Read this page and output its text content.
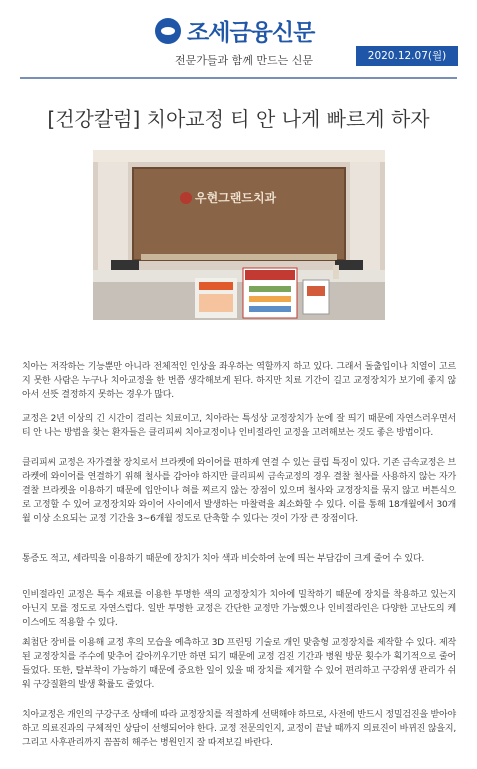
조세금융신문
전문가들과 함께 만드는 신문	2020.12.07(월)
[건강칼럼] 치아교정 티 안 나게 빠르게 하자
우현그랜드치과
치아는 저작하는 기능뿐만 아니라 전체적인 인상을 좌우하는 역할까지 하고 있다. 그래서 돌출입이나 치열이 고르지 못한 사람은 누구나 치아교정을 한 번쯤 생각해보게 된다. 하지만 치료 기간이 길고 교정장치가 보기에 좋지 않아서 선뜻 결정하지 못하는 경우가 많다.
교정은 2년 이상의 긴 시간이 걸리는 치료이고, 치아라는 특성상 교정장치가 눈에 잘 띄기 때문에 자연스러우면서 티 안 나는 방법을 찾는 환자들은 클리피씨 치아교정이나 인비절라인 교정을 고려해보는 것도 좋은 방법이다.
클리피씨 교정은 자가결찰 장치로서 브라켓에 와이어를 편하게 연결 수 있는 클립 특징이 있다. 기존 금속교정은 브라켓에 와이어를 연결하기 위해 철사를 감아야 하지만 클리피씨 금속교정의 경우 결찰 철사를 사용하지 않는 자가결찰 브라켓을 이용하기 때문에 입안이나 혀를 찌르지 않는 장점이 있으며 철사와 교정장치를 묶지 않고 버튼식으로 고정할 수 있어 교정장치와 와이어 사이에서 발생하는 마찰력을 최소화할 수 있다. 이를 통해 18개월에서 30개월 이상 소요되는 교정 기간을 3~6개월 정도로 단축할 수 있다는 것이 가장 큰 장점이다.
통증도 적고, 세라믹을 이용하기 때문에 장치가 치아 색과 비슷하여 눈에 띄는 부담감이 크게 줄어 수 있다.
인비절라인 교정은 특수 재료를 이용한 투명한 색의 교정장치가 치아에 밀착하기 때문에 장치를 착용하고 있는지 아닌지 모를 정도로 자연스럽다. 일반 투명한 교정은 간단한 교정만 가능했으나 인비절라인은 다양한 고난도의 케이스에도 적용할 수 있다.
최첨단 장비를 이용해 교정 후의 모습을 예측하고 3D 프린팅 기술로 개인 맞춤형 교정장치를 제작할 수 있다. 제작된 교정장치를 주수에 맞추어 갈아끼우기만 하면 되기 때문에 교정 검진 기간과 병원 방문 횟수가 획기적으로 줄어들었다. 또한, 탈부착이 가능하기 때문에 중요한 일이 있을 때 장치를 제거할 수 있어 편리하고 구강위생 관리가 쉬워 구강질환의 발생 확률도 줄었다.
치아교정은 개인의 구강구조 상태에 따라 교정장치를 적절하게 선택해야 하므로, 사전에 반드시 정밀검진을 받아야 하고 의료진과의 구체적인 상담이 선행되어야 한다. 교정 전문의인지, 교정이 끝날 때까지 의료진이 바뀌진 않을지, 그리고 사후관리까지 꼼꼼히 해주는 병원인지 잘 따져보길 바란다.
